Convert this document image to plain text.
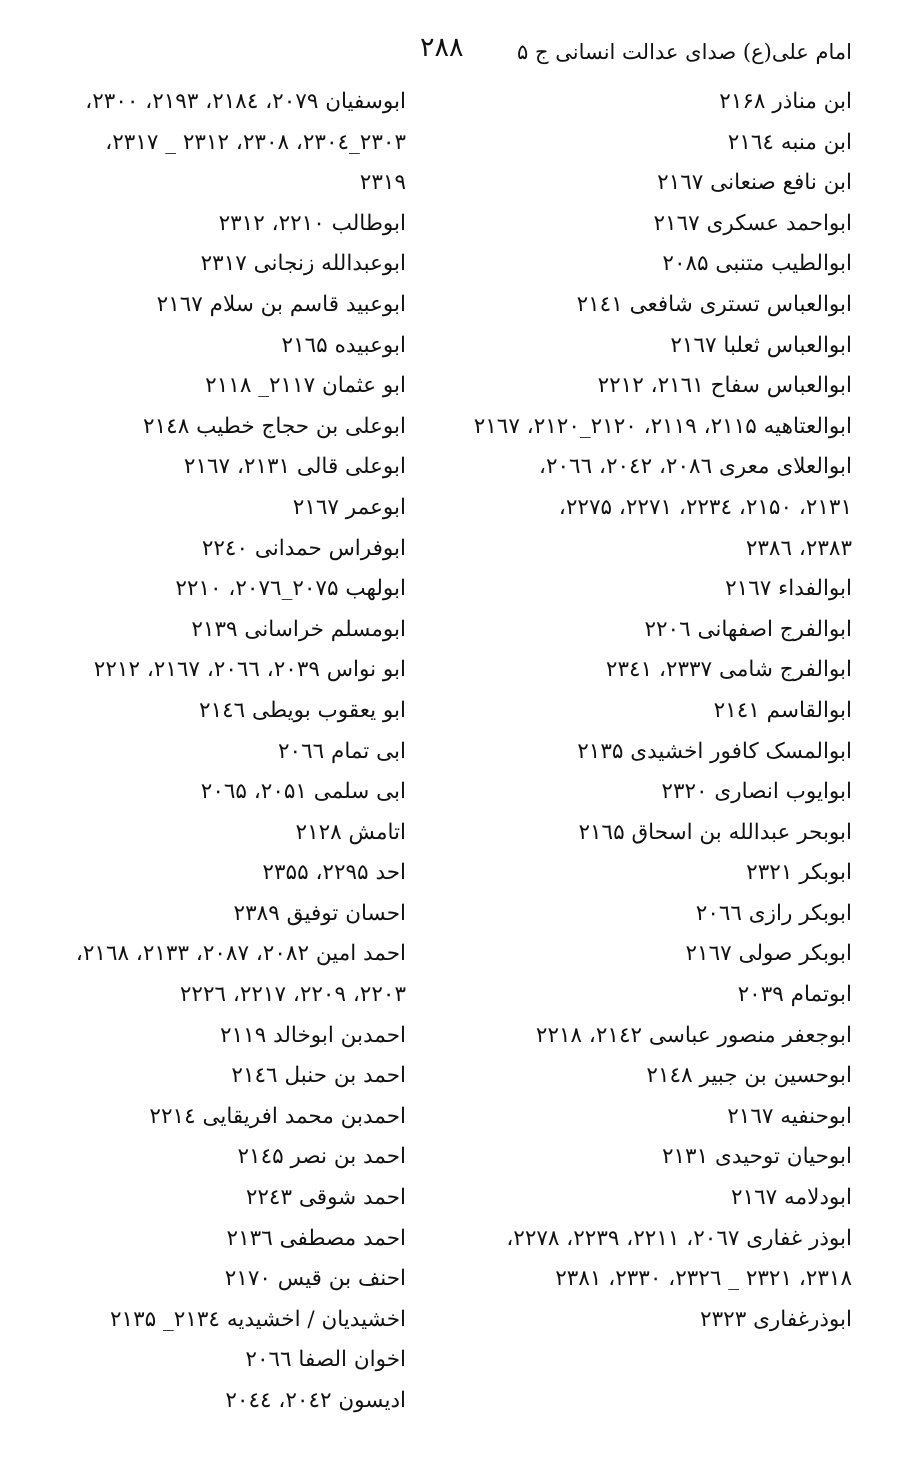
امام علی(ع) صدای عدالت انسانی ج ۵
۲۸۸
ابن مناذر ۲۱۶۸
ابن منبه ۲۱٦٤
ابن نافع صنعانی ۲۱٦۷
ابواحمد عسکری ۲۱٦۷
ابوالطیب متنبی ۲۰۸۵
ابوالعباس تستری شافعی ۲۱٤۱
ابوالعباس ثعلبا ۲۱٦۷
ابوالعباس سفاح ۲۱٦۱، ۲۲۱۲
ابوالعتاهیه ۲۱۱۵، ۲۱۱۹، ۲۱۲۰_۲۱۲۰، ۲۱٦۷
ابوالعلای معری ۲۰۸٦، ۲۰٤۲، ۲۰٦٦،
۲۱۳۱، ۲۱۵۰، ۲۲۳٤، ۲۲۷۱، ۲۲۷۵،
۲۳۸۳، ۲۳۸٦
ابوالفداء ۲۱٦۷
ابوالفرج اصفهانی ۲۲۰٦
ابوالفرج شامی ۲۳۳۷، ۲۳٤۱
ابوالقاسم ۲۱٤۱
ابوالمسک کافور اخشیدی ۲۱۳۵
ابوایوب انصاری ۲۳۲۰
ابوبحر عبدالله بن اسحاق ۲۱٦۵
ابوبکر ۲۳۲۱
ابوبکر رازی ۲۰٦٦
ابوبکر صولی ۲۱٦۷
ابوتمام ۲۰۳۹
ابوجعفر منصور عباسی ۲۱٤۲، ۲۲۱۸
ابوحسین بن جبیر ۲۱٤۸
ابوحنفیه ۲۱٦۷
ابوحیان توحیدی ۲۱۳۱
ابودلامه ۲۱٦۷
ابوذر غفاری ۲۰٦۷، ۲۲۱۱، ۲۲۳۹، ۲۲۷۸،
۲۳۱۸، ۲۳۲۱ _ ۲۳۲٦، ۲۳۳۰، ۲۳۸۱
ابوذرغفاری ۲۳۲۳
ابوسفیان ۲۰۷۹، ۲۱۸٤، ۲۱۹۳، ۲۳۰۰،
۲۳۰۳_۲۳۰٤، ۲۳۰۸، ۲۳۱۲ _ ۲۳۱۷،
۲۳۱۹
ابوطالب ۲۲۱۰، ۲۳۱۲
ابوعبدالله زنجانی ۲۳۱۷
ابوعبید قاسم بن سلام ۲۱٦۷
ابوعبیده ۲۱٦۵
ابو عثمان ۲۱۱۷_ ۲۱۱۸
ابوعلی بن حجاج خطیب ۲۱٤۸
ابوعلی قالی ۲۱۳۱، ۲۱٦۷
ابوعمر ۲۱٦۷
ابوفراس حمدانی ۲۲٤۰
ابولهب ۲۰۷۵_۲۰۷٦، ۲۲۱۰
ابومسلم خراسانی ۲۱۳۹
ابو نواس ۲۰۳۹، ۲۰٦٦، ۲۱٦۷، ۲۲۱۲
ابو یعقوب بویطی ۲۱٤٦
ابی تمام ۲۰٦٦
ابی سلمی ۲۰۵۱، ۲۰٦۵
اتامش ۲۱۲۸
احد ۲۲۹۵، ۲۳۵۵
احسان توفیق ۲۳۸۹
احمد امین ۲۰۸۲، ۲۰۸۷، ۲۱۳۳، ۲۱٦۸،
۲۲۰۳، ۲۲۰۹، ۲۲۱۷، ۲۲۲٦
احمدبن ابوخالد ۲۱۱۹
احمد بن حنبل ۲۱٤٦
احمدبن محمد افریقایی ۲۲۱٤
احمد بن نصر ۲۱٤۵
احمد شوقی ۲۲٤۳
احمد مصطفی ۲۱۳٦
احنف بن قیس ۲۱۷۰
اخشیدیان / اخشیدیه ۲۱۳٤_ ۲۱۳۵
اخوان الصفا ۲۰٦٦
ادیسون ۲۰٤۲، ۲۰٤٤
